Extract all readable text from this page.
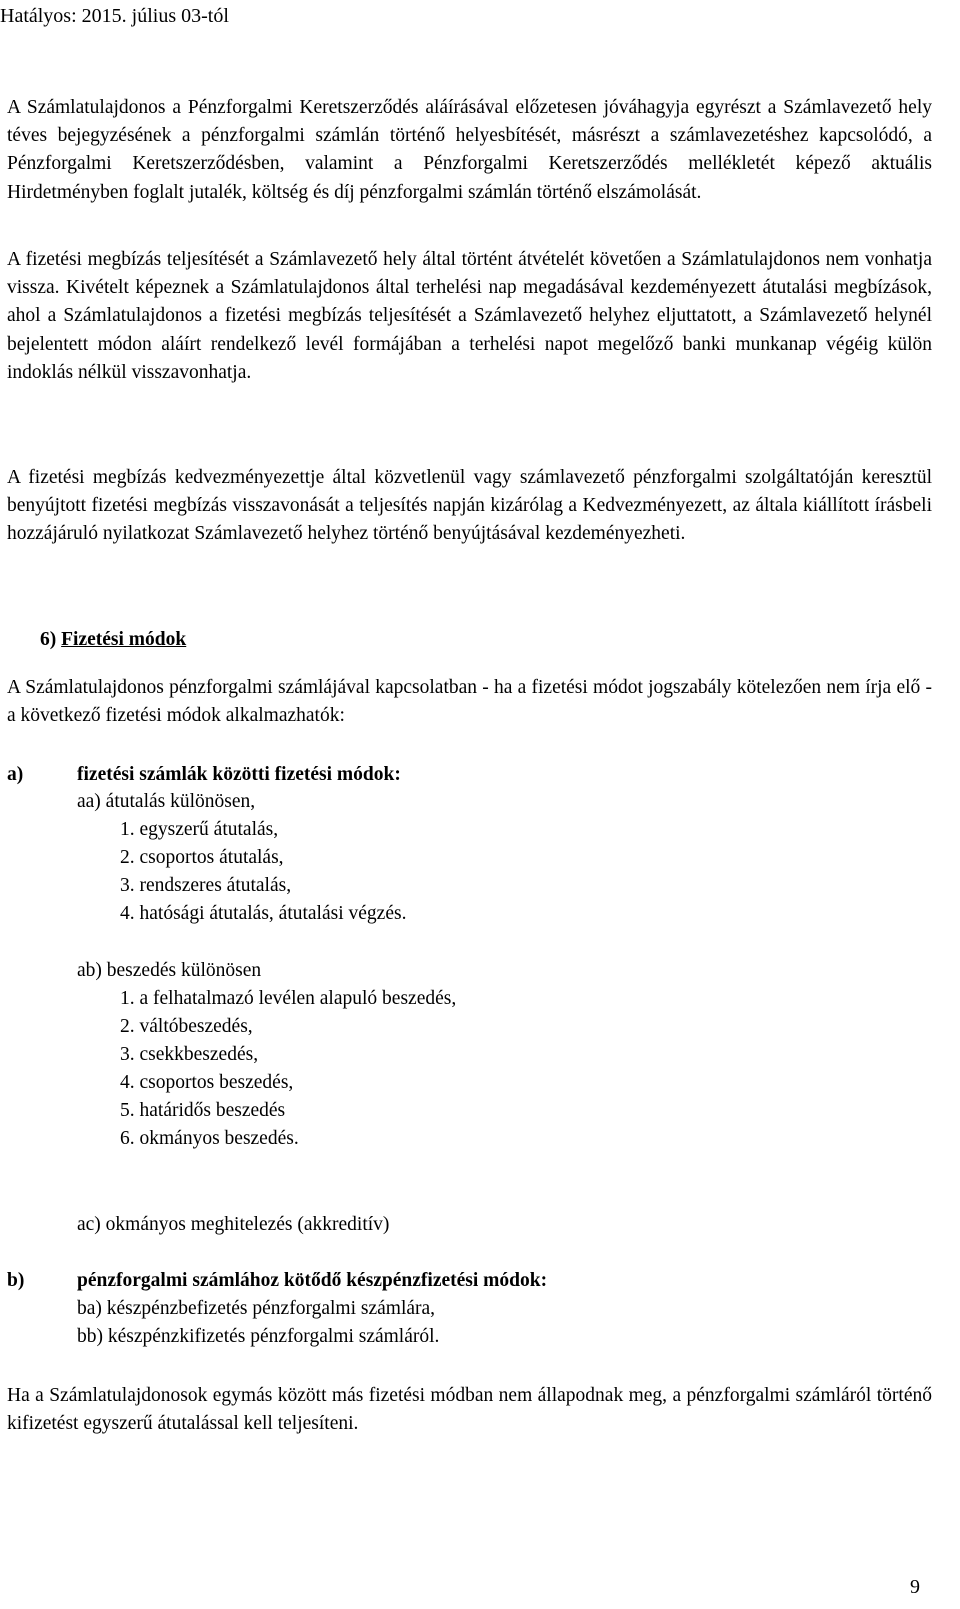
Hatályos: 2015. július 03-tól

A Számlatulajdonos a Pénzforgalmi Keretszerződés aláírásával előzetesen jóváhagyja egyrészt a Számlavezető hely téves bejegyzésének a pénzforgalmi számlán történő helyesbítését, másrészt a számlavezetéshez kapcsolódó, a Pénzforgalmi Keretszerződésben, valamint a Pénzforgalmi Keretszerződés mellékletét képező aktuális Hirdetményben foglalt jutalék, költség és díj pénzforgalmi számlán történő elszámolását.

A fizetési megbízás teljesítését a Számlavezető hely által történt átvételét követően a Számlatulajdonos nem vonhatja vissza. Kivételt képeznek a Számlatulajdonos által terhelési nap megadásával kezdeményezett átutalási megbízások, ahol a Számlatulajdonos a fizetési megbízás teljesítését a Számlavezető helyhez eljuttatott, a Számlavezető helynél bejelentett módon aláírt rendelkező levél formájában a terhelési napot megelőző banki munkanap végéig külön indoklás nélkül visszavonhatja.

A fizetési megbízás kedvezményezettje által közvetlenül vagy számlavezető pénzforgalmi szolgáltatóján keresztül benyújtott fizetési megbízás visszavonását a teljesítés napján kizárólag a Kedvezményezett, az általa kiállított írásbeli hozzájáruló nyilatkozat Számlavezető helyhez történő benyújtásával kezdeményezheti.

6) Fizetési módok

A Számlatulajdonos pénzforgalmi számlájával kapcsolatban - ha a fizetési módot jogszabály kötelezően nem írja elő - a következő fizetési módok alkalmazhatók:

a)	fizetési számlák közötti fizetési módok:
aa) átutalás különösen,
1. egyszerű átutalás,
2. csoportos átutalás,
3. rendszeres átutalás,
4. hatósági átutalás, átutalási végzés.
ab) beszedés különösen
1. a felhatalmazó levélen alapuló beszedés,
2. váltóbeszedés,
3. csekkbeszedés,
4. csoportos beszedés,
5. határidős beszedés
6. okmányos beszedés.
ac) okmányos meghitelezés (akkreditív)
b)	pénzforgalmi számlához kötődő készpénzfizetési módok:
ba) készpénzbefizetés pénzforgalmi számlára,
bb) készpénzkifizetés pénzforgalmi számláról.

Ha a Számlatulajdonosok egymás között más fizetési módban nem állapodnak meg, a pénzforgalmi számláról történő kifizetést egyszerű átutalással kell teljesíteni.

9
